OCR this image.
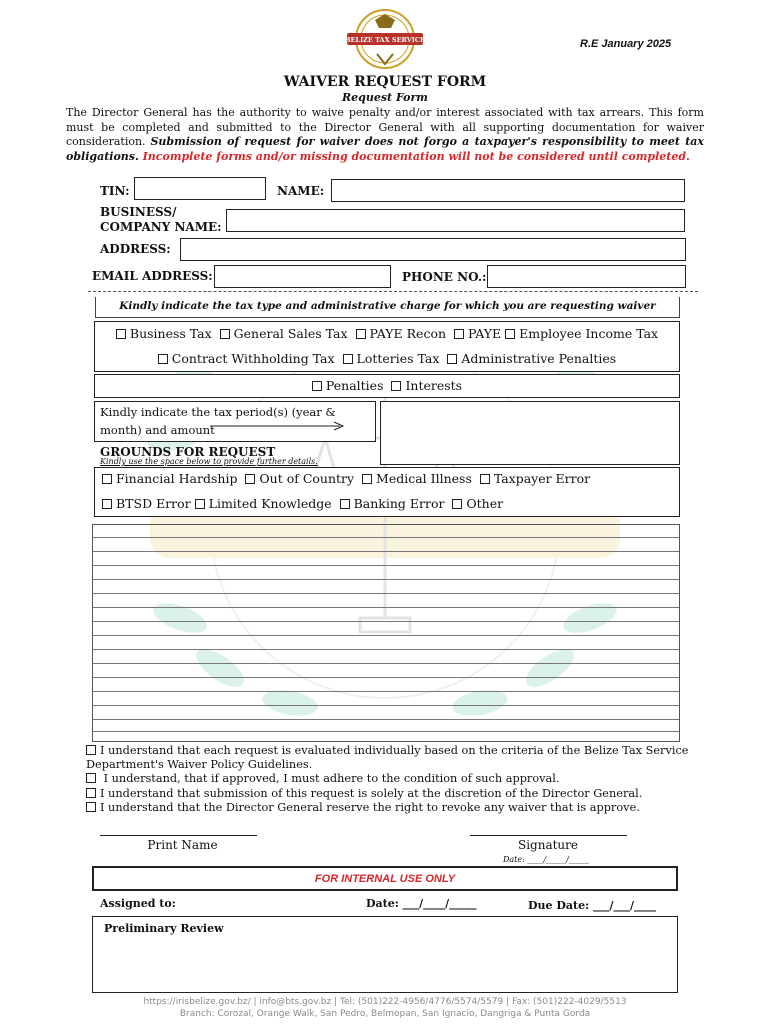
BELIZE TAX SERVICE	R.E January 2025
WAIVER REQUEST FORM
Request Form
The Director General has the authority to waive penalty and/or interest associated with tax arrears. This form must be completed and submitted to the Director General with all supporting documentation for waiver consideration. Submission of request for waiver does not forgo a taxpayer's responsibility to meet tax obligations. Incomplete forms and/or missing documentation will not be considered until completed.
TIN:	NAME:
BUSINESS/
COMPANY NAME:
ADDRESS:
EMAIL ADDRESS:	PHONE NO.:
Kindly indicate the tax type and administrative charge for which you are requesting waiver
Business Tax General Sales Tax PAYE Recon PAYE Employee Income Tax
Contract Withholding Tax Lotteries Tax Administrative Penalties
Penalties Interests
Kindly indicate the tax period(s) (year &
month) and amount
GROUNDS FOR REQUEST
Kindly use the space below to provide further details.
Financial Hardship Out of Country Medical Illness Taxpayer Error
BTSD Error Limited Knowledge Banking Error Other

I understand that each request is evaluated individually based on the criteria of the Belize Tax Service Department's Waiver Policy Guidelines.

I understand, that if approved, I must adhere to the condition of such approval.

I understand that submission of this request is solely at the discretion of the Director General.

I understand that the Director General reserve the right to revoke any waiver that is approve.

Print Name	Signature
Date: ____/_____/_____
FOR INTERNAL USE ONLY
Assigned to:	Date: ___/____/_____	Due Date: ___/___/____
Preliminary Review
https://irisbelize.gov.bz/ | info@bts.gov.bz | Tel: (501)222-4956/4776/5574/5579 | Fax: (501)222-4029/5513
Branch: Corozal, Orange Walk, San Pedro, Belmopan, San Ignacio, Dangriga & Punta Gorda
